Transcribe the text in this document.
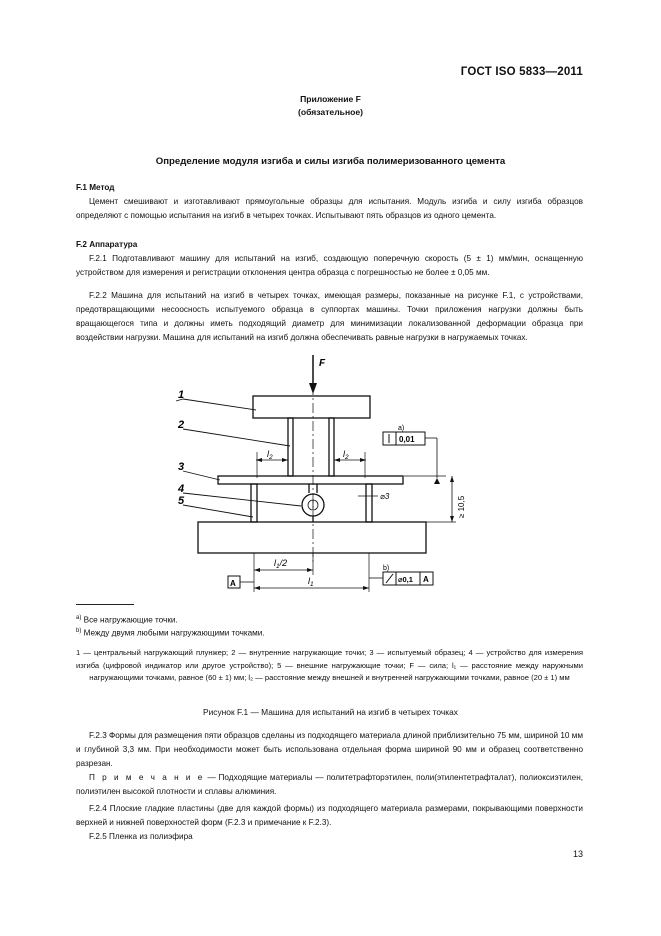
ГОСТ ISO 5833—2011
Приложение F
(обязательное)
Определение модуля изгиба и силы изгиба полимеризованного цемента
F.1 Метод

Цемент смешивают и изготавливают прямоугольные образцы для испытания. Модуль изгиба и силу изгиба образцов определяют с помощью испытания на изгиб в четырех точках. Испытывают пять образцов из одного цемента.

F.2 Аппаратура

F.2.1 Подготавливают машину для испытаний на изгиб, создающую поперечную скорость (5 ± 1) мм/мин, оснащенную устройством для измерения и регистрации отклонения центра образца с погрешностью не более ± 0,05 мм.

F.2.2 Машина для испытаний на изгиб в четырех точках, имеющая размеры, показанные на рисунке F.1, с устройствами, предотвращающими несоосность испытуемого образца в суппортах машины. Точки приложения нагрузки должны быть вращающегося типа и должны иметь подходящий диаметр для минимизации локализованной деформации образца при воздействии нагрузки. Машина для испытаний на изгиб должна обеспечивать равные нагрузки в нагружаемых точках.

F
1
2
3
4
5
$l_2$	$l_2$
$l_1/2$
$l_1$
0,01
⌀0,1 A
A
a)
b)
⌀3	≥ 10,5
$^{a)}$ Все нагружающие точки.
$^{b)}$ Между двумя любыми нагружающими точками.

1 — центральный нагружающий плунжер; 2 — внутренние нагружающие точки; 3 — испытуемый образец; 4 — устройство для измерения изгиба (цифровой индикатор или другое устройство); 5 — внешние нагружающие точки; F — сила; l₁ — расстояние между наружными нагружающими точками, равное (60 ± 1) мм; l₂ — расстояние между внешней и внутренней нагружающими точками, равное (20 ± 1) мм

Рисунок F.1 — Машина для испытаний на изгиб в четырех точках

F.2.3 Формы для размещения пяти образцов сделаны из подходящего материала длиной приблизительно 75 мм, шириной 10 мм и глубиной 3,3 мм. При необходимости может быть использована отдельная форма шириной 90 мм и образец соответственно разрезан.

П р и м е ч а н и е — Подходящие материалы — политетрафторэтилен, поли(этилентетрафталат), полиоксиэтилен, полиэтилен высокой плотности и сплавы алюминия.

F.2.4 Плоские гладкие пластины (две для каждой формы) из подходящего материала размерами, покрывающими поверхности верхней и нижней поверхностей форм (F.2.3 и примечание к F.2.3).

F.2.5 Пленка из полиэфира

13
